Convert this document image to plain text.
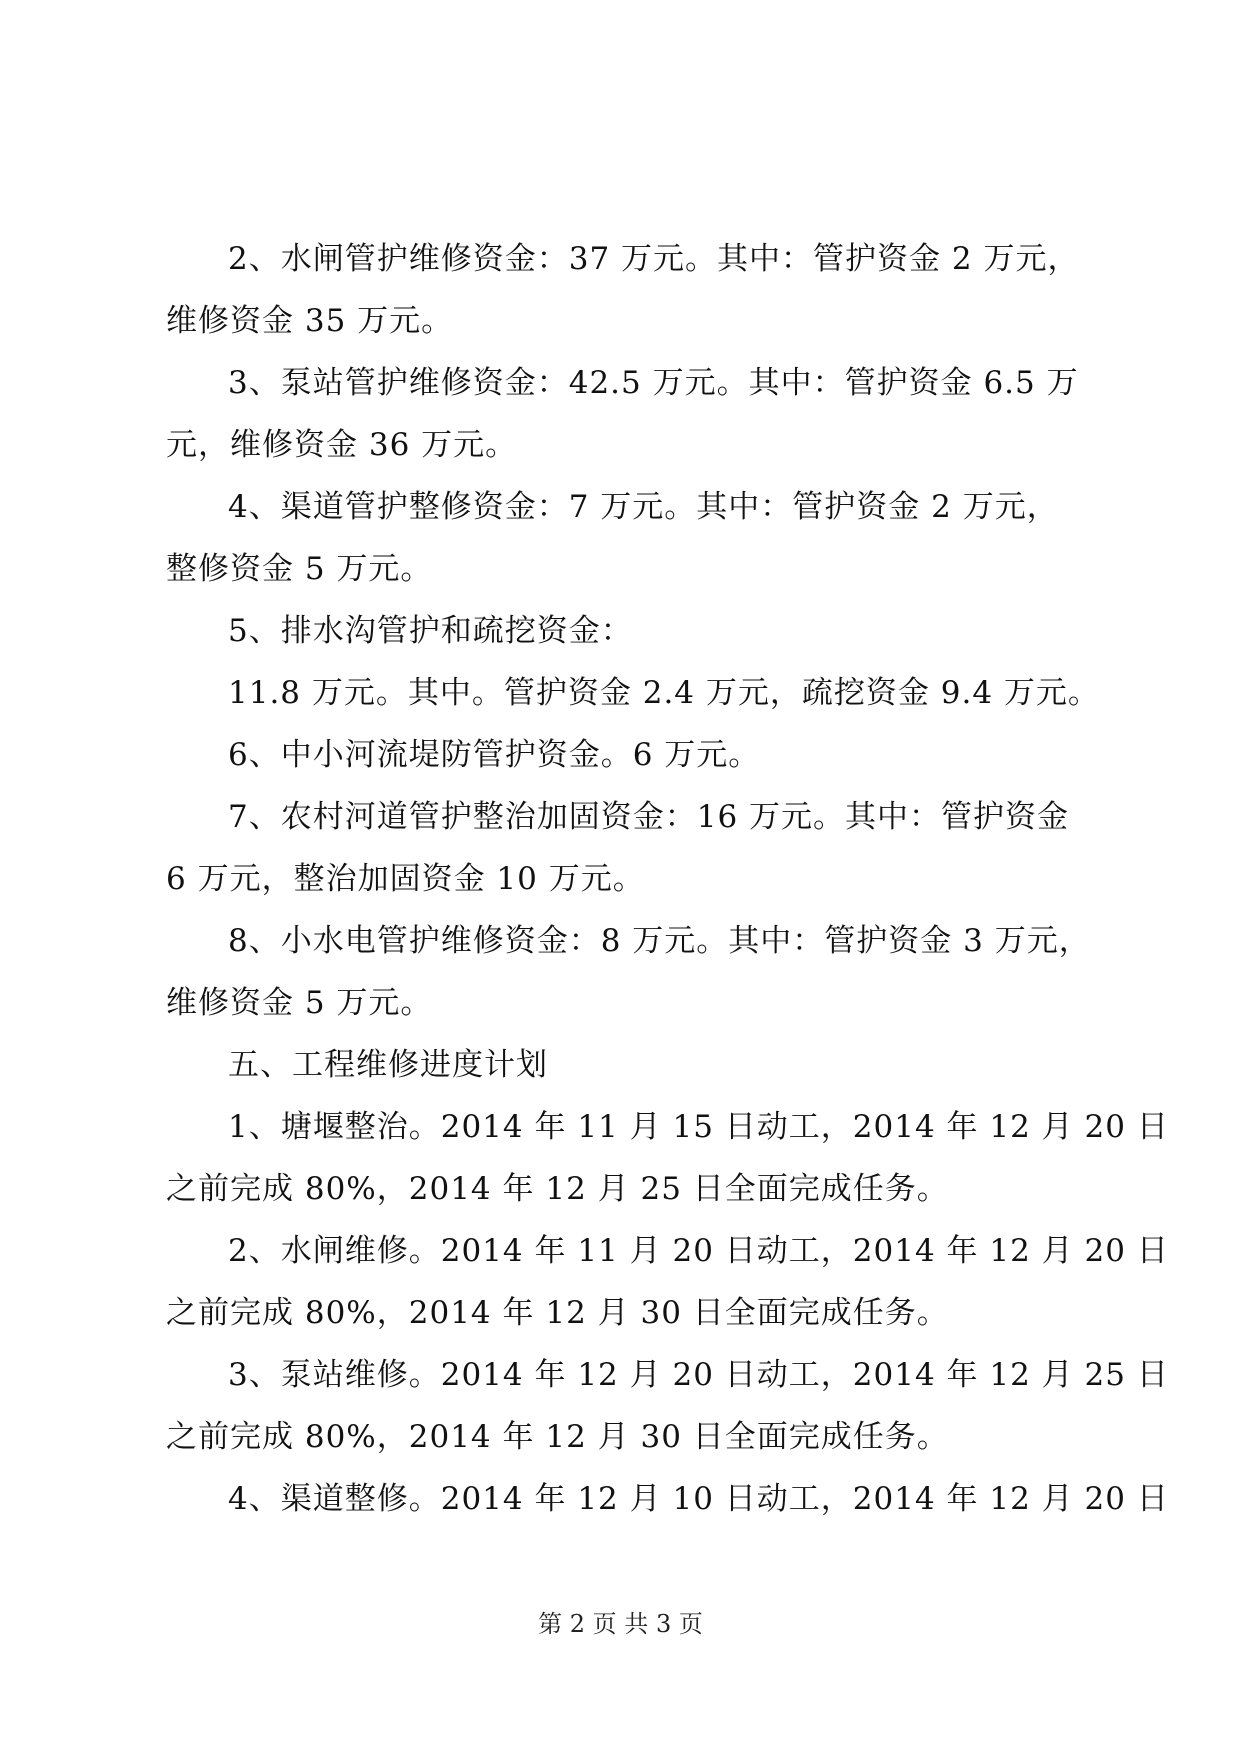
2、水闸管护维修资金：37 万元。其中：管护资金 2 万元，
维修资金 35 万元。
3、泵站管护维修资金：42.5 万元。其中：管护资金 6.5 万
元，维修资金 36 万元。
4、渠道管护整修资金：7 万元。其中：管护资金 2 万元，
整修资金 5 万元。
5、排水沟管护和疏挖资金：
11.8 万元。其中。管护资金 2.4 万元，疏挖资金 9.4 万元。
6、中小河流堤防管护资金。6 万元。
7、农村河道管护整治加固资金：16 万元。其中：管护资金
6 万元，整治加固资金 10 万元。
8、小水电管护维修资金：8 万元。其中：管护资金 3 万元，
维修资金 5 万元。
五、工程维修进度计划
1、塘堰整治。2014 年 11 月 15 日动工，2014 年 12 月 20 日
之前完成 80%，2014 年 12 月 25 日全面完成任务。
2、水闸维修。2014 年 11 月 20 日动工，2014 年 12 月 20 日
之前完成 80%，2014 年 12 月 30 日全面完成任务。
3、泵站维修。2014 年 12 月 20 日动工，2014 年 12 月 25 日
之前完成 80%，2014 年 12 月 30 日全面完成任务。
4、渠道整修。2014 年 12 月 10 日动工，2014 年 12 月 20 日
第 2 页 共 3 页
